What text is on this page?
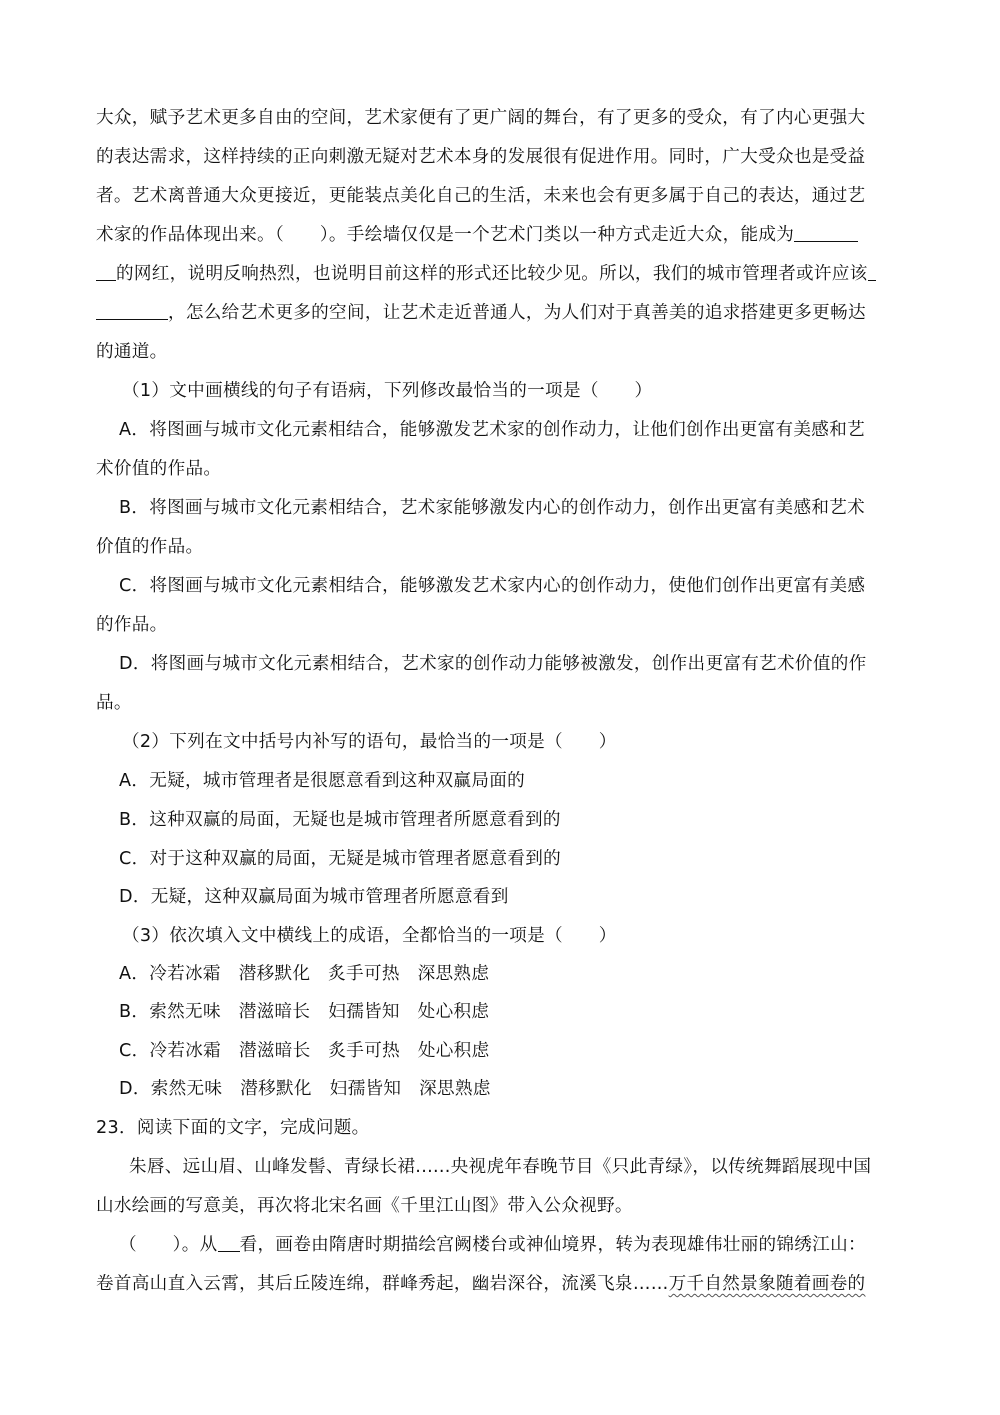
大众，赋予艺术更多自由的空间，艺术家便有了更广阔的舞台，有了更多的受众，有了内心更强大
的表达需求，这样持续的正向刺激无疑对艺术本身的发展很有促进作用。同时，广大受众也是受益
者。艺术离普通大众更接近，更能装点美化自己的生活，未来也会有更多属于自己的表达，通过艺
术家的作品体现出来。（　　）。手绘墙仅仅是一个艺术门类以一种方式走近大众，能成为
的网红，说明反响热烈，也说明目前这样的形式还比较少见。所以，我们的城市管理者或许应该
，怎么给艺术更多的空间，让艺术走近普通人，为人们对于真善美的追求搭建更多更畅达
的通道。
（1）文中画横线的句子有语病，下列修改最恰当的一项是（　　）
A．将图画与城市文化元素相结合，能够激发艺术家的创作动力，让他们创作出更富有美感和艺
术价值的作品。
B．将图画与城市文化元素相结合，艺术家能够激发内心的创作动力，创作出更富有美感和艺术
价值的作品。
C．将图画与城市文化元素相结合，能够激发艺术家内心的创作动力，使他们创作出更富有美感
的作品。
D．将图画与城市文化元素相结合，艺术家的创作动力能够被激发，创作出更富有艺术价值的作
品。
（2）下列在文中括号内补写的语句，最恰当的一项是（　　）
A．无疑，城市管理者是很愿意看到这种双赢局面的
B．这种双赢的局面，无疑也是城市管理者所愿意看到的
C．对于这种双赢的局面，无疑是城市管理者愿意看到的
D．无疑，这种双赢局面为城市管理者所愿意看到
（3）依次填入文中横线上的成语，全都恰当的一项是（　　）
A．冷若冰霜　潜移默化　炙手可热　深思熟虑
B．索然无味　潜滋暗长　妇孺皆知　处心积虑
C．冷若冰霜　潜滋暗长　炙手可热　处心积虑
D．索然无味　潜移默化　妇孺皆知　深思熟虑
23．阅读下面的文字，完成问题。
朱唇、远山眉、山峰发髻、青绿长裙......央视虎年春晚节目《只此青绿》，以传统舞蹈展现中国
山水绘画的写意美，再次将北宋名画《千里江山图》带入公众视野。
（　　）。从 看，画卷由隋唐时期描绘宫阙楼台或神仙境界，转为表现雄伟壮丽的锦绣江山：
卷首高山直入云霄，其后丘陵连绵，群峰秀起，幽岩深谷，流溪飞泉……万千自然景象随着画卷的
